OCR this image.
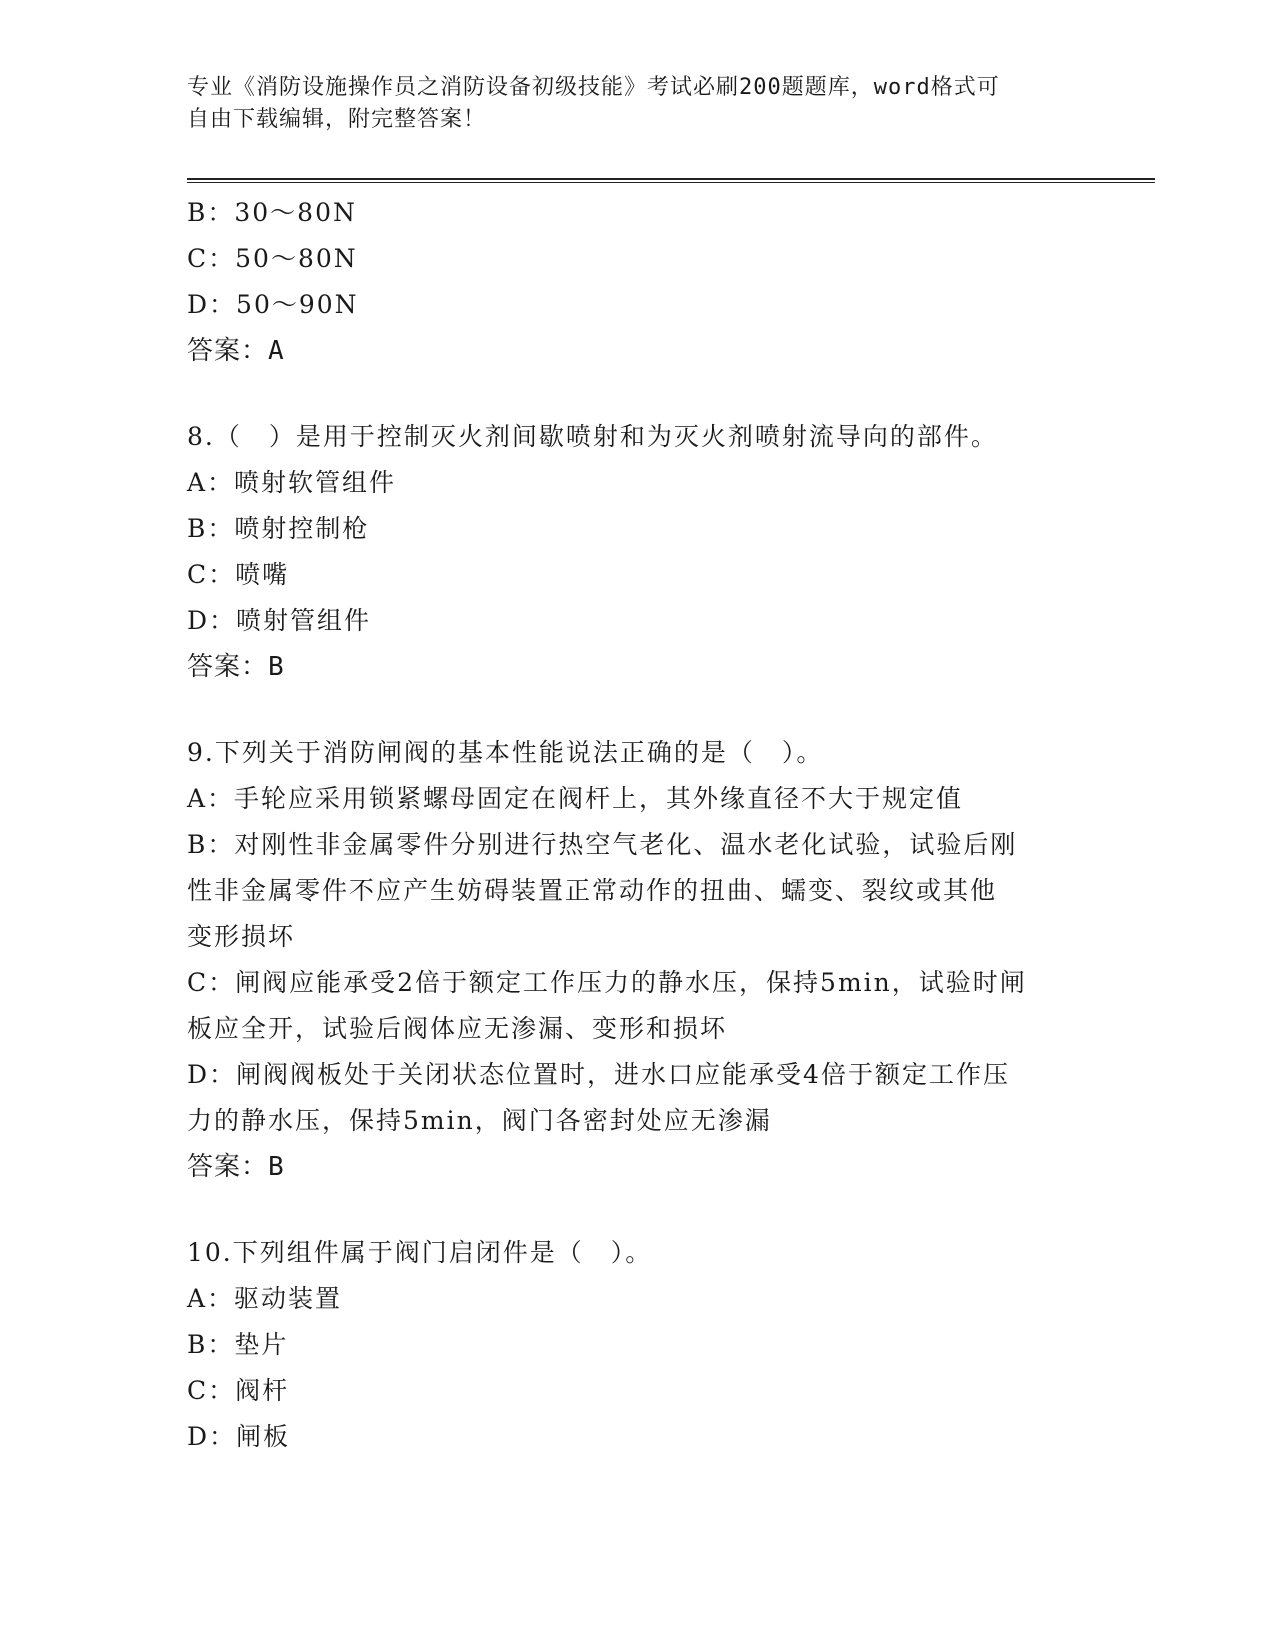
专业《消防设施操作员之消防设备初级技能》考试必刷200题题库，word格式可
自由下载编辑，附完整答案！
B：30～80N
C：50～80N
D：50～90N
答案：A
8.（　）是用于控制灭火剂间歇喷射和为灭火剂喷射流导向的部件。
A：喷射软管组件
B：喷射控制枪
C：喷嘴
D：喷射管组件
答案：B
9.下列关于消防闸阀的基本性能说法正确的是（　）。
A：手轮应采用锁紧螺母固定在阀杆上，其外缘直径不大于规定值
B：对刚性非金属零件分别进行热空气老化、温水老化试验，试验后刚
性非金属零件不应产生妨碍装置正常动作的扭曲、蠕变、裂纹或其他
变形损坏
C：闸阀应能承受2倍于额定工作压力的静水压，保持5min，试验时闸
板应全开，试验后阀体应无渗漏、变形和损坏
D：闸阀阀板处于关闭状态位置时，进水口应能承受4倍于额定工作压
力的静水压，保持5min，阀门各密封处应无渗漏
答案：B
10.下列组件属于阀门启闭件是（　）。
A：驱动装置
B：垫片
C：阀杆
D：闸板
